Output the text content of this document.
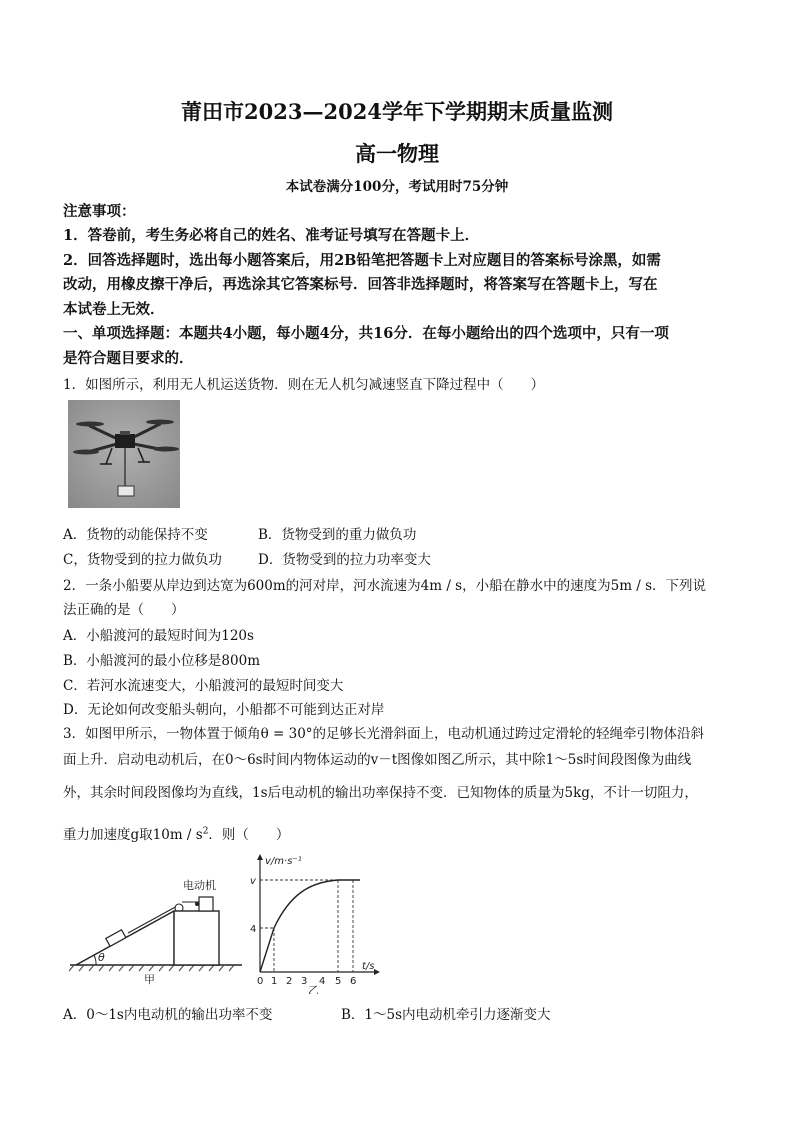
莆田市2023—2024学年下学期期末质量监测
高一物理
本试卷满分100分，考试用时75分钟
注意事项：
1．答卷前，考生务必将自己的姓名、准考证号填写在答题卡上．
2．回答选择题时，选出每小题答案后，用2B铅笔把答题卡上对应题目的答案标号涂黑，如需
改动，用橡皮擦干净后，再选涂其它答案标号．回答非选择题时，将答案写在答题卡上，写在
本试卷上无效．
一、单项选择题：本题共4小题，每小题4分，共16分．在每小题给出的四个选项中，只有一项
是符合题目要求的．
1．如图所示，利用无人机运送货物．则在无人机匀减速竖直下降过程中（　　）
A．货物的动能保持不变	B．货物受到的重力做负功
C，货物受到的拉力做负功	D．货物受到的拉力功率变大
2．一条小船要从岸边到达宽为600m的河对岸，河水流速为4m / s，小船在静水中的速度为5m / s．下列说
法正确的是（　　）
A．小船渡河的最短时间为120s
B．小船渡河的最小位移是800m
C．若河水流速变大，小船渡河的最短时间变大
D．无论如何改变船头朝向，小船都不可能到达正对岸
3．如图甲所示，一物体置于倾角θ = 30°的足够长光滑斜面上，电动机通过跨过定滑轮的轻绳牵引物体沿斜
面上升．启动电动机后，在0～6s时间内物体运动的v－t图像如图乙所示，其中除1～5s时间段图像为曲线
外，其余时间段图像均为直线，1s后电动机的输出功率保持不变．已知物体的质量为5kg，不计一切阻力，
重力加速度g取$10m / s^2$．则（　　）
电动机
θ
甲
v/m·s⁻¹
t/s
v
4
0 1 2 3 4 5 6
乙
A．0～1s内电动机的输出功率不变	B．1～5s内电动机牵引力逐渐变大
